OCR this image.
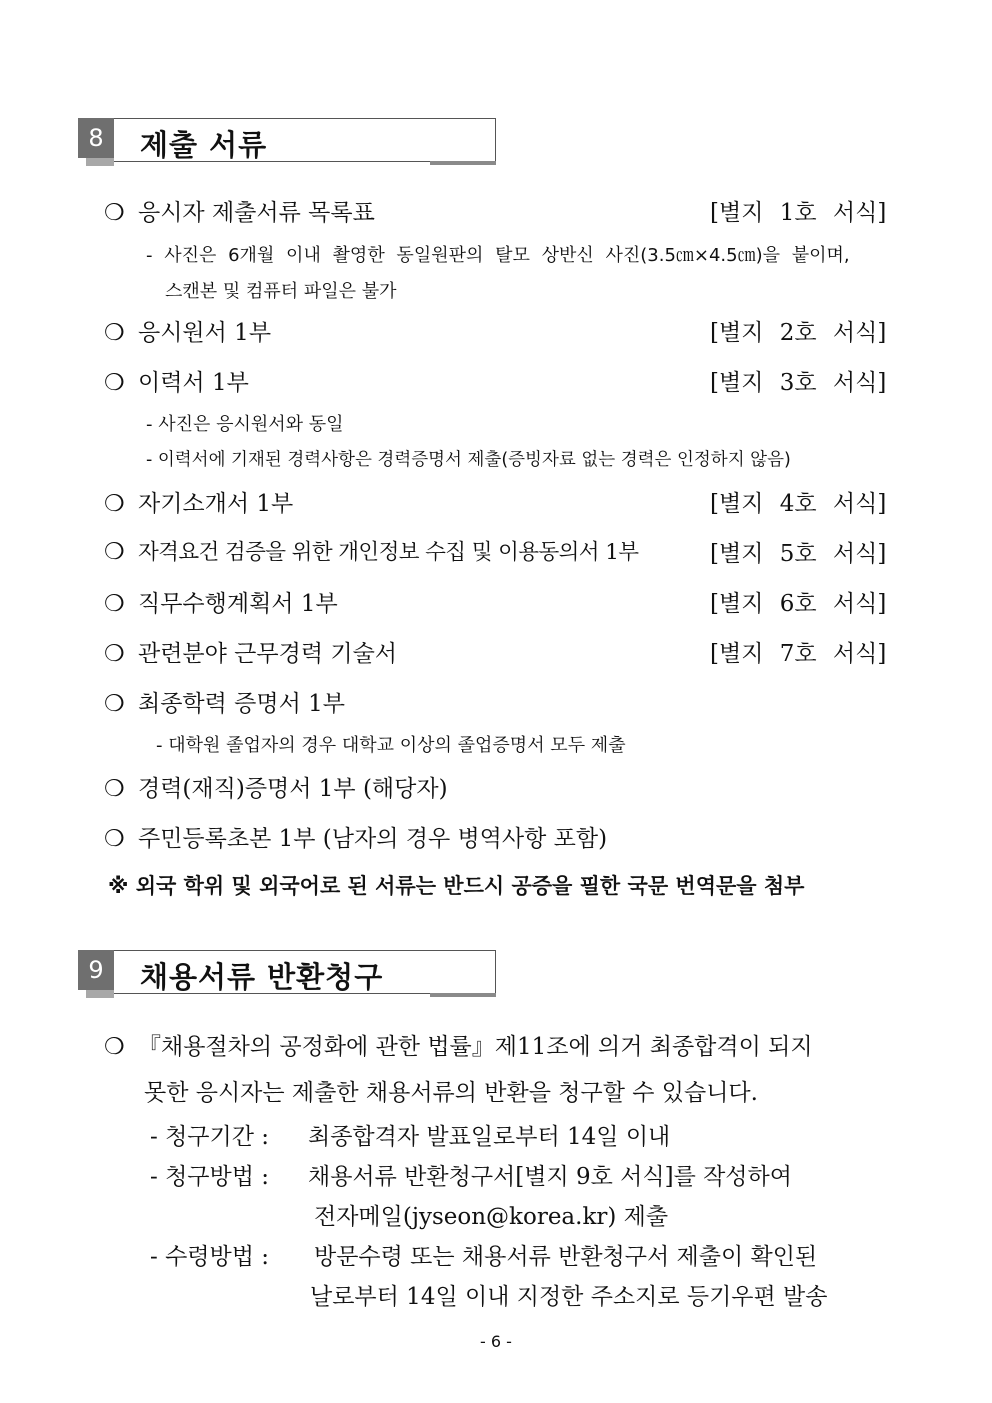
8	제출 서류
❍ 응시자 제출서류 목록표	[별지 1호 서식]
- 사진은 6개월 이내 촬영한 동일원판의 탈모 상반신 사진(3.5㎝×4.5㎝)을 붙이며,
스캔본 및 컴퓨터 파일은 불가
❍ 응시원서 1부	[별지 2호 서식]
❍ 이력서 1부	[별지 3호 서식]
- 사진은 응시원서와 동일
- 이력서에 기재된 경력사항은 경력증명서 제출(증빙자료 없는 경력은 인정하지 않음)
❍ 자기소개서 1부	[별지 4호 서식]
❍ 자격요건 검증을 위한 개인정보 수집 및 이용동의서 1부	[별지 5호 서식]
❍ 직무수행계획서 1부	[별지 6호 서식]
❍ 관련분야 근무경력 기술서	[별지 7호 서식]
❍ 최종학력 증명서 1부
- 대학원 졸업자의 경우 대학교 이상의 졸업증명서 모두 제출
❍ 경력(재직)증명서 1부 (해당자)
❍ 주민등록초본 1부 (남자의 경우 병역사항 포함)
※ 외국 학위 및 외국어로 된 서류는 반드시 공증을 필한 국문 번역문을 첨부
9	채용서류 반환청구
❍ 『채용절차의 공정화에 관한 법률』제11조에 의거 최종합격이 되지
못한 응시자는 제출한 채용서류의 반환을 청구할 수 있습니다.
- 청구기간 : 최종합격자 발표일로부터 14일 이내
- 청구방법 : 채용서류 반환청구서[별지 9호 서식]를 작성하여
전자메일(jyseon@korea.kr) 제출
- 수령방법 : 방문수령 또는 채용서류 반환청구서 제출이 확인된
날로부터 14일 이내 지정한 주소지로 등기우편 발송
- 6 -
